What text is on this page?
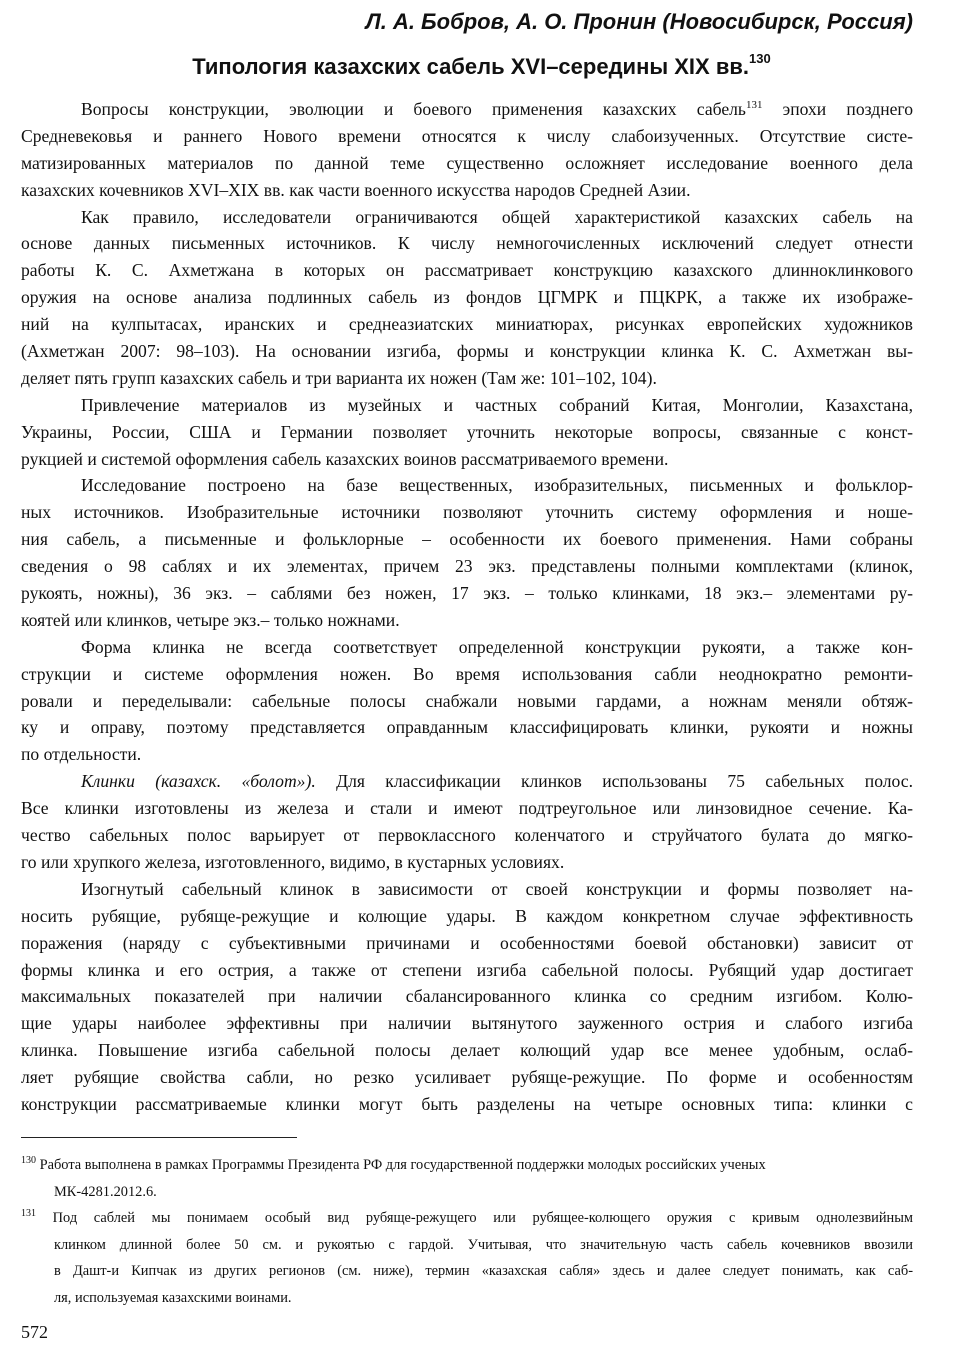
Л. А. Бобров, А. О. Пронин (Новосибирск, Россия)
Типология казахских сабель XVI–середины XIX вв.$^{130}$
Вопросы конструкции, эволюции и боевого применения казахских сабель$^{131}$ эпохи позднего
Средневековья и раннего Нового времени относятся к числу слабоизученных. Отсутствие систе-
матизированных материалов по данной теме существенно осложняет исследование военного дела
казахских кочевников XVI–XIX вв. как части военного искусства народов Средней Азии.
Как правило, исследователи ограничиваются общей характеристикой казахских сабель на
основе данных письменных источников. К числу немногочисленных исключений следует отнести
работы К. С. Ахметжана в которых он рассматривает конструкцию казахского длинноклинкового
оружия на основе анализа подлинных сабель из фондов ЦГМРК и ПЦКРК, а также их изображе-
ний на кулпытасах, иранских и среднеазиатских миниатюрах, рисунках европейских художников
(Ахметжан 2007: 98–103). На основании изгиба, формы и конструкции клинка К. С. Ахметжан вы-
деляет пять групп казахских сабель и три варианта их ножен (Там же: 101–102, 104).
Привлечение материалов из музейных и частных собраний Китая, Монголии, Казахстана,
Украины, России, США и Германии позволяет уточнить некоторые вопросы, связанные с конст-
рукцией и системой оформления сабель казахских воинов рассматриваемого времени.
Исследование построено на базе вещественных, изобразительных, письменных и фольклор-
ных источников. Изобразительные источники позволяют уточнить систему оформления и ноше-
ния сабель, а письменные и фольклорные – особенности их боевого применения. Нами собраны
сведения о 98 саблях и их элементах, причем 23 экз. представлены полными комплектами (клинок,
рукоять, ножны), 36 экз. – саблями без ножен, 17 экз. – только клинками, 18 экз.– элементами ру-
коятей или клинков, четыре экз.– только ножнами.
Форма клинка не всегда соответствует определенной конструкции рукояти, а также кон-
струкции и системе оформления ножен. Во время использования сабли неоднократно ремонти-
ровали и переделывали: сабельные полосы снабжали новыми гардами, а ножнам меняли обтяж-
ку и оправу, поэтому представляется оправданным классифицировать клинки, рукояти и ножны
по отдельности.
Клинки (казахск. «болот»). Для классификации клинков использованы 75 сабельных полос.
Все клинки изготовлены из железа и стали и имеют подтреугольное или линзовидное сечение. Ка-
чество сабельных полос варьирует от первоклассного коленчатого и струйчатого булата до мягко-
го или хрупкого железа, изготовленного, видимо, в кустарных условиях.
Изогнутый сабельный клинок в зависимости от своей конструкции и формы позволяет на-
носить рубящие, рубяще-режущие и колющие удары. В каждом конкретном случае эффективность
поражения (наряду с субъективными причинами и особенностями боевой обстановки) зависит от
формы клинка и его острия, а также от степени изгиба сабельной полосы. Рубящий удар достигает
максимальных показателей при наличии сбалансированного клинка со средним изгибом. Колю-
щие удары наиболее эффективны при наличии вытянутого зауженного острия и слабого изгиба
клинка. Повышение изгиба сабельной полосы делает колющий удар все менее удобным, ослаб-
ляет рубящие свойства сабли, но резко усиливает рубяще-режущие. По форме и особенностям
конструкции рассматриваемые клинки могут быть разделены на четыре основных типа: клинки с
$^{130}$ Работа выполнена в рамках Программы Президента РФ для государственной поддержки молодых российских ученых
МК-4281.2012.6.
$^{131}$ Под саблей мы понимаем особый вид рубяще-режущего или рубящее-колющего оружия с кривым однолезвийным
клинком длинной более 50 см. и рукоятью с гардой. Учитывая, что значительную часть сабель кочевников ввозили
в Дашт-и Кипчак из других регионов (см. ниже), термин «казахская сабля» здесь и далее следует понимать, как саб-
ля, используемая казахскими воинами.
572
